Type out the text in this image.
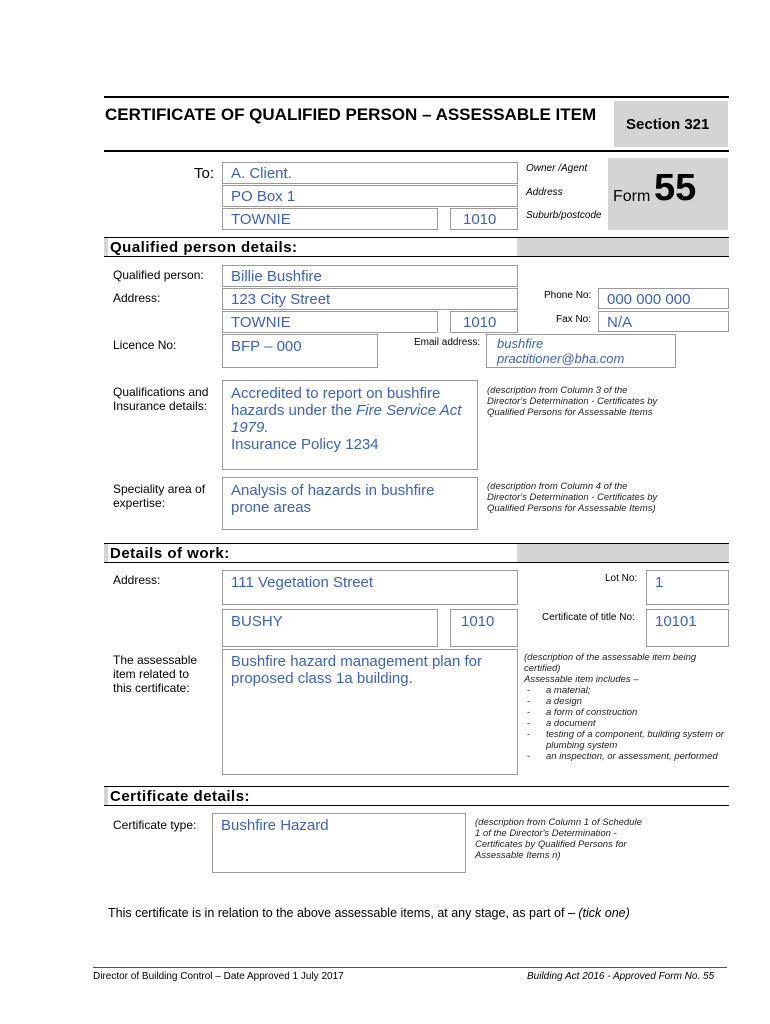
CERTIFICATE OF QUALIFIED PERSON – ASSESSABLE ITEM
Section 321
Form 55
To: A. Client.
PO Box 1
TOWNIE	1010
Owner /Agent
Address
Suburb/postcode
Qualified person details:
Qualified person: Billie Bushfire
Address:	123 City Street
TOWNIE	1010
Phone No: 000 000 000
Fax No: N/A
Licence No:	BFP – 000	Email address: bushfire
practitioner@bha.com
Qualifications and
Insurance details:
Accredited to report on bushfire
hazards under the Fire Service Act
1979.
Insurance Policy 1234
(description from Column 3 of the Director's Determination - Certificates by Qualified Persons for Assessable Items
Speciality area of
expertise:
Analysis of hazards in bushfire prone areas
(description from Column 4 of the Director's Determination - Certificates by Qualified Persons for Assessable Items)
Details of work:
Address:	111 Vegetation Street	Lot No: 1
BUSHY	1010	Certificate of title No: 10101
The assessable
item related to
this certificate:
Bushfire hazard management plan for proposed class 1a building.
(description of the assessable item being certified)
Assessable item includes –
- a material;
- a design
- a form of construction
- a document
- testing of a component, building system or plumbing system
- an inspection, or assessment, performed
Certificate details:
Certificate type: Bushfire Hazard	(description from Column 1 of Schedule 1 of the Director's Determination - Certificates by Qualified Persons for Assessable Items n)
This certificate is in relation to the above assessable items, at any stage, as part of – (tick one)
Director of Building Control – Date Approved 1 July 2017	Building Act 2016 - Approved Form No. 55
